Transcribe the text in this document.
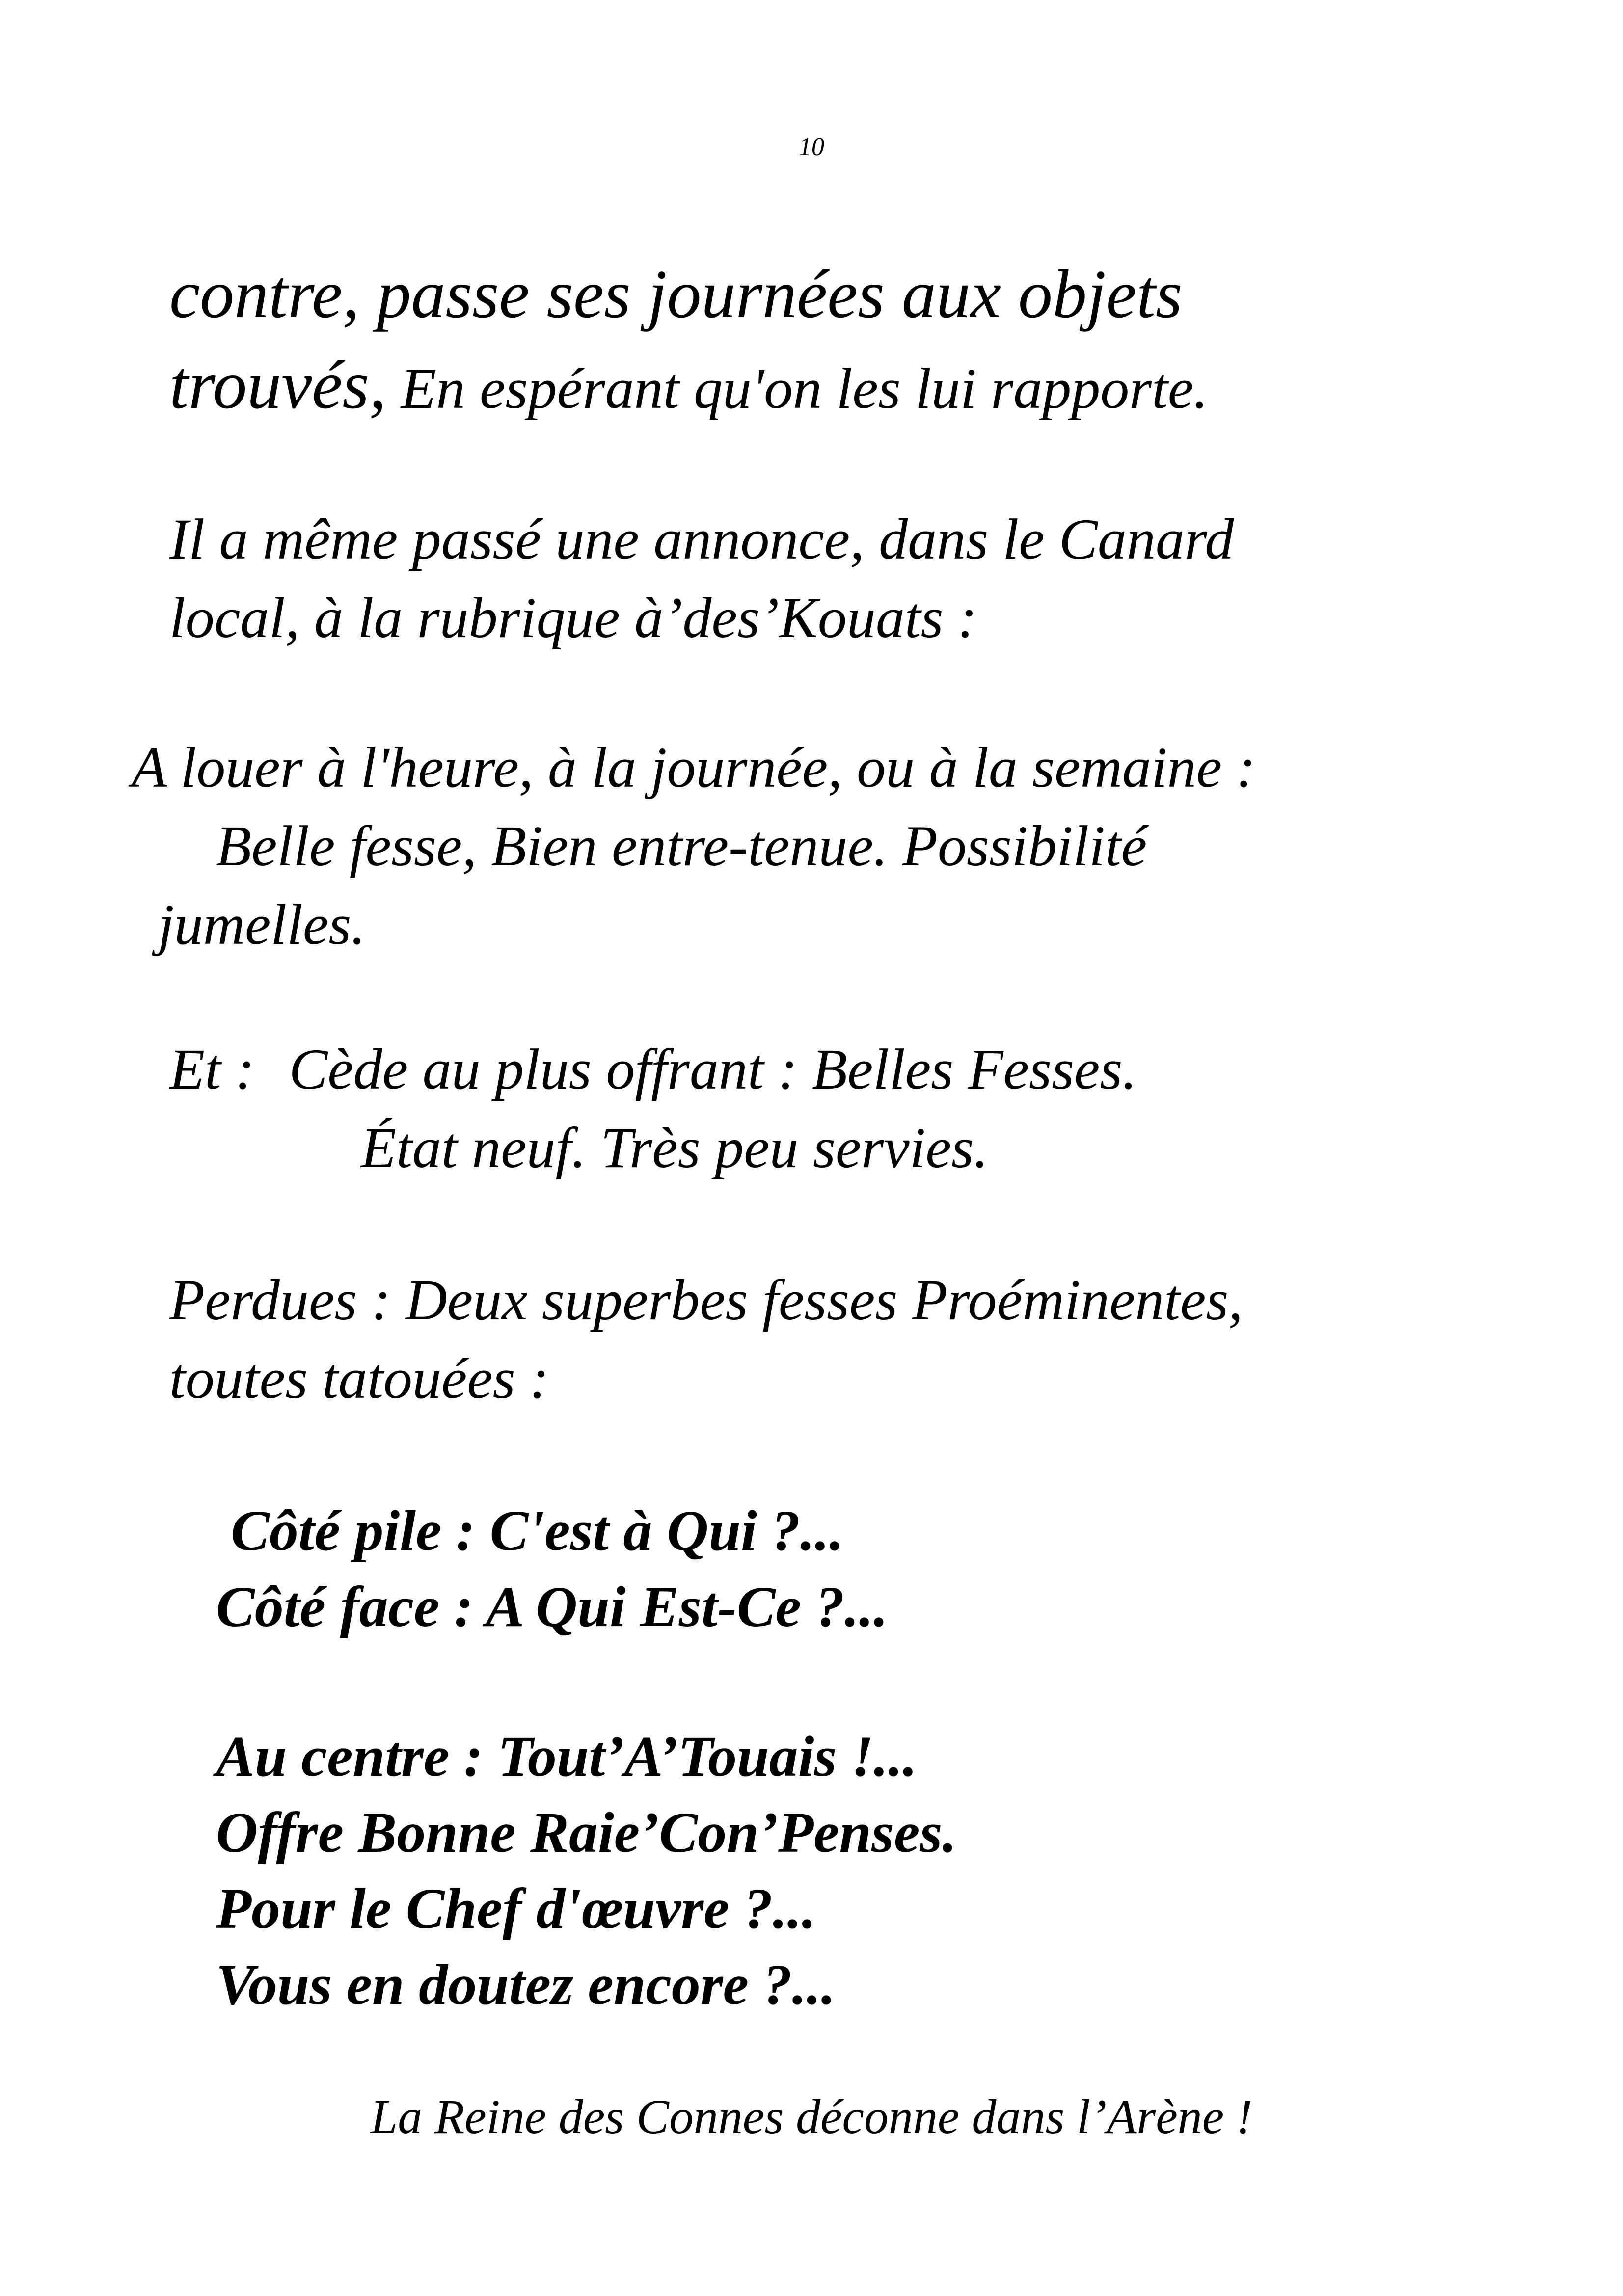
10
contre, passe ses journées aux objets
trouvés, En espérant qu'on les lui rapporte.
Il a même passé une annonce, dans le Canard
local, à la rubrique à’des’Kouats :
A louer à l'heure, à la journée, ou à la semaine :
Belle fesse, Bien entre-tenue. Possibilité
jumelles.
Et : Cède au plus offrant : Belles Fesses.
État neuf. Très peu servies.
Perdues : Deux superbes fesses Proéminentes,
toutes tatouées :
Côté pile : C'est à Qui ?...
Côté face : A Qui Est-Ce ?...
Au centre : Tout’A’Touais !...
Offre Bonne Raie’Con’Penses.
Pour le Chef d'œuvre ?...
Vous en doutez encore ?...
La Reine des Connes déconne dans l’Arène !
